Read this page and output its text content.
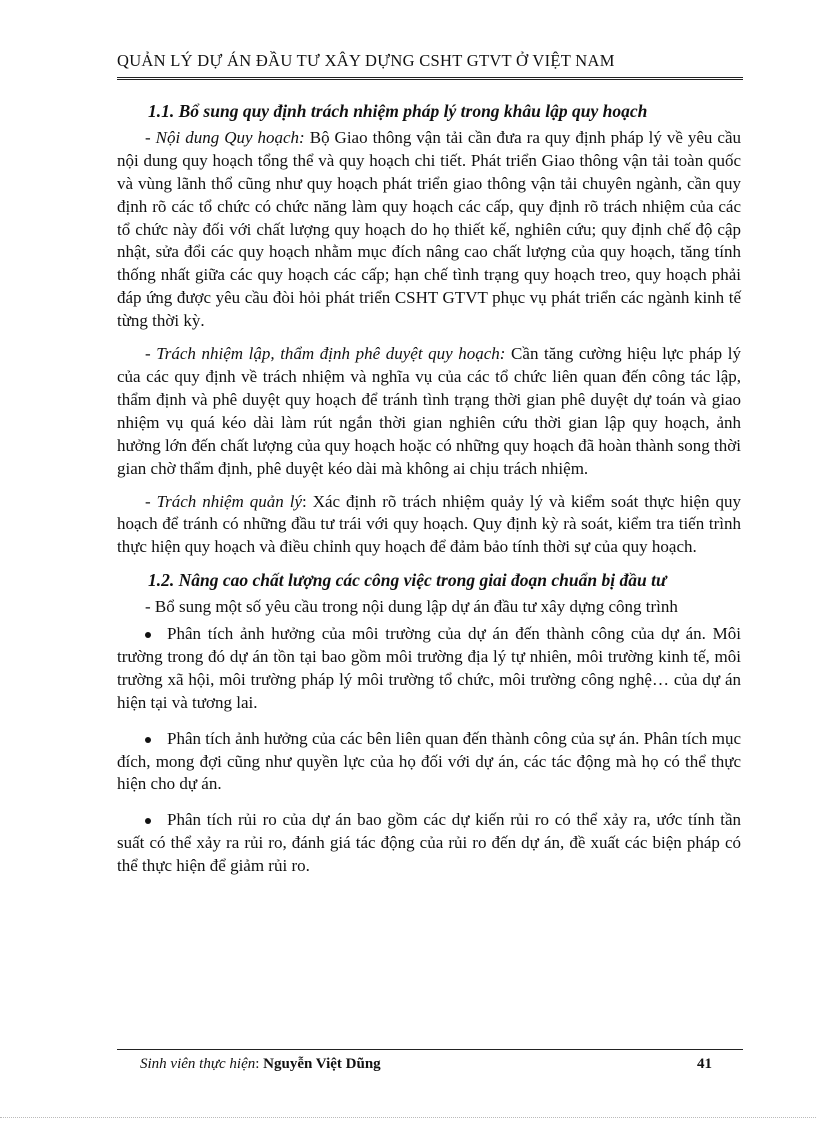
QUẢN LÝ DỰ ÁN ĐẦU TƯ XÂY DỰNG CSHT GTVT Ở VIỆT NAM
1.1. Bổ sung quy định trách nhiệm pháp lý trong khâu lập quy hoạch

- Nội dung Quy hoạch: Bộ Giao thông vận tải cần đưa ra quy định pháp lý về yêu cầu nội dung quy hoạch tổng thể và quy hoạch chi tiết. Phát triển Giao thông vận tải toàn quốc và vùng lãnh thổ cũng như quy hoạch phát triển giao thông vận tải chuyên ngành, cần quy định rõ các tổ chức có chức năng làm quy hoạch các cấp, quy định rõ trách nhiệm của các tổ chức này đối với chất lượng quy hoạch do họ thiết kế, nghiên cứu; quy định chế độ cập nhật, sửa đổi các quy hoạch nhằm mục đích nâng cao chất lượng của quy hoạch, tăng tính thống nhất giữa các quy hoạch các cấp; hạn chế tình trạng quy hoạch treo, quy hoạch phải đáp ứng được yêu cầu đòi hỏi phát triển CSHT GTVT phục vụ phát triển các ngành kinh tế từng thời kỳ.

- Trách nhiệm lập, thẩm định phê duyệt quy hoạch: Cần tăng cường hiệu lực pháp lý của các quy định về trách nhiệm và nghĩa vụ của các tổ chức liên quan đến công tác lập, thẩm định và phê duyệt quy hoạch để tránh tình trạng thời gian phê duyệt dự toán và giao nhiệm vụ quá kéo dài làm rút ngắn thời gian nghiên cứu thời gian lập quy hoạch, ảnh hưởng lớn đến chất lượng của quy hoạch hoặc có những quy hoạch đã hoàn thành song thời gian chờ thẩm định, phê duyệt kéo dài mà không ai chịu trách nhiệm.

- Trách nhiệm quản lý: Xác định rõ trách nhiệm quảy lý và kiểm soát thực hiện quy hoạch để tránh có những đầu tư trái với quy hoạch. Quy định kỳ rà soát, kiểm tra tiến trình thực hiện quy hoạch và điều chỉnh quy hoạch để đảm bảo tính thời sự của quy hoạch.

1.2. Nâng cao chất lượng các công việc trong giai đoạn chuẩn bị đầu tư

- Bổ sung một số yêu cầu trong nội dung lập dự án đầu tư xây dựng công trình

Phân tích ảnh hưởng của môi trường của dự án đến thành công của dự án. Môi trường trong đó dự án tồn tại bao gồm môi trường địa lý tự nhiên, môi trường kinh tế, môi trường xã hội, môi trường pháp lý môi trường tổ chức, môi trường công nghệ… của dự án hiện tại và tương lai.

Phân tích ảnh hưởng của các bên liên quan đến thành công của sự án. Phân tích mục đích, mong đợi cũng như quyền lực của họ đối với dự án, các tác động mà họ có thể thực hiện cho dự án.

Phân tích rủi ro của dự án bao gồm các dự kiến rủi ro có thể xảy ra, ước tính tần suất có thể xảy ra rủi ro, đánh giá tác động của rủi ro đến dự án, đề xuất các biện pháp có thể thực hiện để giảm rủi ro.

Sinh viên thực hiện: Nguyễn Việt Dũng	41
